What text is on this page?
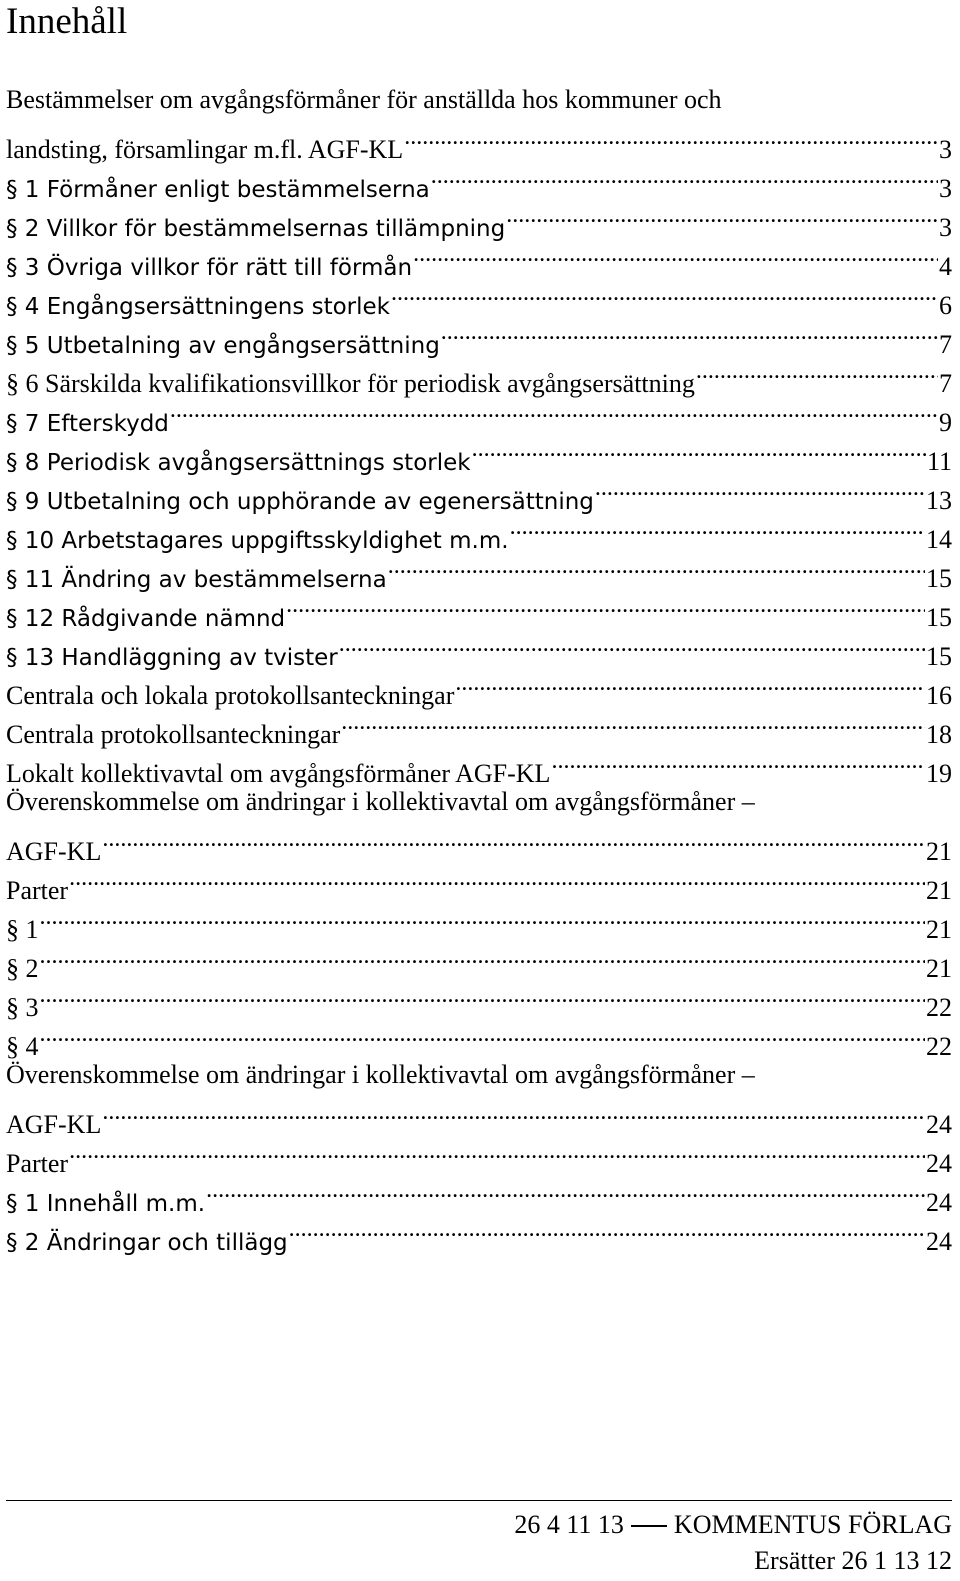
Innehåll
Bestämmelser om avgångsförmåner för anställda hos kommuner och
landsting, församlingar m.fl. AGF-KL .....	3
§ 1 Förmåner enligt bestämmelserna .....	3
§ 2 Villkor för bestämmelsernas tillämpning .....	3
§ 3 Övriga villkor för rätt till förmån .....	4
§ 4 Engångsersättningens storlek .....	6
§ 5 Utbetalning av engångsersättning .....	7
§ 6 Särskilda kvalifikationsvillkor för periodisk avgångsersättning .....	7
§ 7 Efterskydd .....	9
§ 8 Periodisk avgångsersättnings storlek .....	11
§ 9 Utbetalning och upphörande av egenersättning .....	13
§ 10 Arbetstagares uppgiftsskyldighet m.m. .....	14
§ 11 Ändring av bestämmelserna .....	15
§ 12 Rådgivande nämnd .....	15
§ 13 Handläggning av tvister .....	15
Centrala och lokala protokollsanteckningar .....	16
Centrala protokollsanteckningar .....	18
Lokalt kollektivavtal om avgångsförmåner AGF-KL .....	19
Överenskommelse om ändringar i kollektivavtal om avgångsförmåner –
AGF-KL .....	21
Parter .....	21
§ 1 .....	21
§ 2 .....	21
§ 3 .....	22
§ 4 .....	22
Överenskommelse om ändringar i kollektivavtal om avgångsförmåner –
AGF-KL .....	24
Parter .....	24
§ 1 Innehåll m.m. .....	24
§ 2 Ändringar och tillägg .....	24
26 4 11 13 KOMMENTUS FÖRLAG
Ersätter 26 1 13 12
